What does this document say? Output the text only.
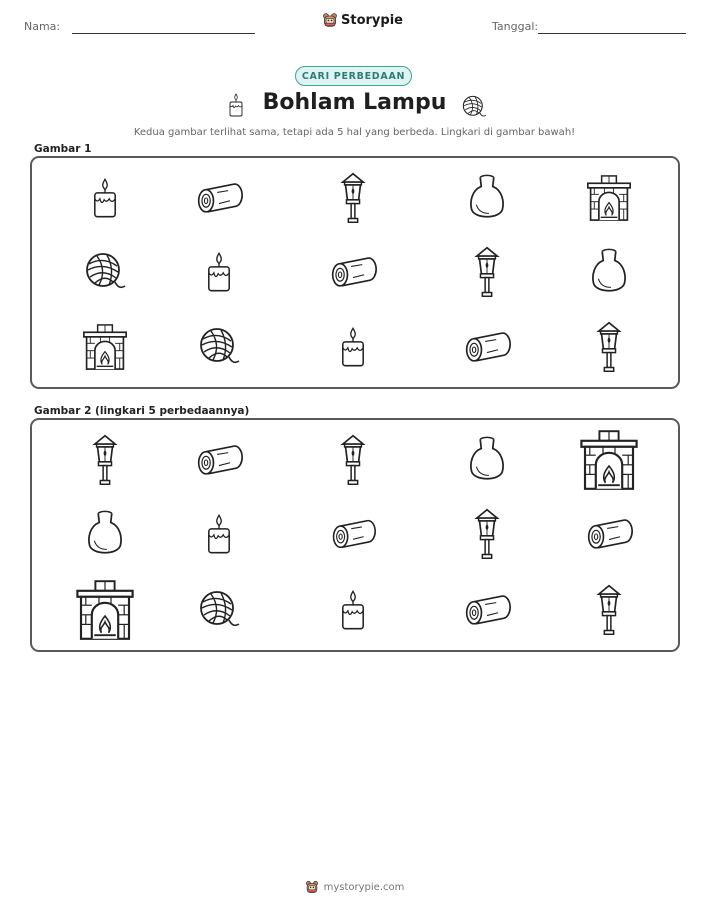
Nama:	Storypie	Tanggal:
CARI PERBEDAAN
Bohlam Lampu
Kedua gambar terlihat sama, tetapi ada 5 hal yang berbeda. Lingkari di gambar bawah!
Gambar 1
Gambar 2 (lingkari 5 perbedaannya)
mystorypie.com
